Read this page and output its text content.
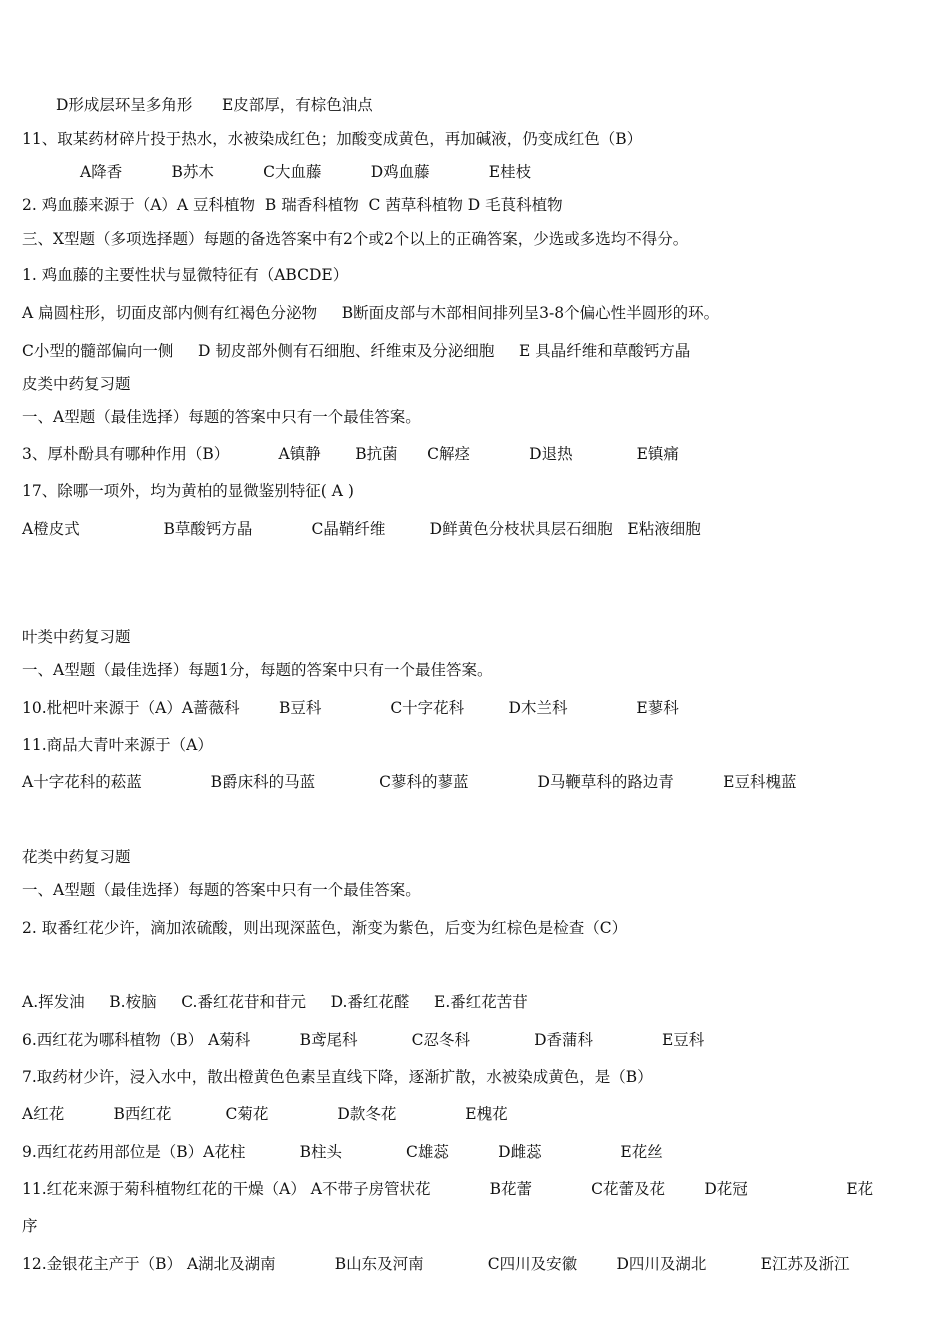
D形成层环呈多角形      E皮部厚，有棕色油点
11、取某药材碎片投于热水，水被染成红色；加酸变成黄色，再加碱液，仍变成红色（B）
A降香          B苏木          C大血藤          D鸡血藤            E桂枝
2. 鸡血藤来源于（A）A 豆科植物  B 瑞香科植物  C 茜草科植物 D 毛茛科植物
三、X型题（多项选择题）每题的备选答案中有2个或2个以上的正确答案，少选或多选均不得分。
1. 鸡血藤的主要性状与显微特征有（ABCDE）
A 扁圆柱形，切面皮部内侧有红褐色分泌物     B断面皮部与木部相间排列呈3-8个偏心性半圆形的环。
C小型的髓部偏向一侧     D 韧皮部外侧有石细胞、纤维束及分泌细胞     E 具晶纤维和草酸钙方晶
皮类中药复习题
一、A型题（最佳选择）每题的答案中只有一个最佳答案。
3、厚朴酚具有哪种作用（B）          A镇静       B抗菌      C解痉            D退热             E镇痛
17、除哪一项外，均为黄柏的显微鉴别特征( A )
A橙皮式                 B草酸钙方晶            C晶鞘纤维         D鲜黄色分枝状具层石细胞   E粘液细胞
叶类中药复习题
一、A型题（最佳选择）每题1分，每题的答案中只有一个最佳答案。
10.枇杷叶来源于（A）A蔷薇科        B豆科              C十字花科         D木兰科              E蓼科
11.商品大青叶来源于（A）
A十字花科的菘蓝              B爵床科的马蓝             C蓼科的蓼蓝              D马鞭草科的路边青          E豆科槐蓝
花类中药复习题
一、A型题（最佳选择）每题的答案中只有一个最佳答案。
2. 取番红花少许，滴加浓硫酸，则出现深蓝色，渐变为紫色，后变为红棕色是检查（C）
A.挥发油     B.桉脑     C.番红花苷和苷元     D.番红花醛     E.番红花苦苷
6.西红花为哪科植物（B） A菊科          B鸢尾科           C忍冬科             D香蒲科              E豆科
7.取药材少许，浸入水中，散出橙黄色色素呈直线下降，逐渐扩散，水被染成黄色，是（B）
A红花          B西红花           C菊花              D款冬花              E槐花
9.西红花药用部位是（B）A花柱           B柱头             C雄蕊          D雌蕊                E花丝
11.红花来源于菊科植物红花的干燥（A） A不带子房管状花            B花蕾            C花蕾及花        D花冠                    E花
序
12.金银花主产于（B） A湖北及湖南            B山东及河南             C四川及安徽        D四川及湖北           E江苏及浙江
